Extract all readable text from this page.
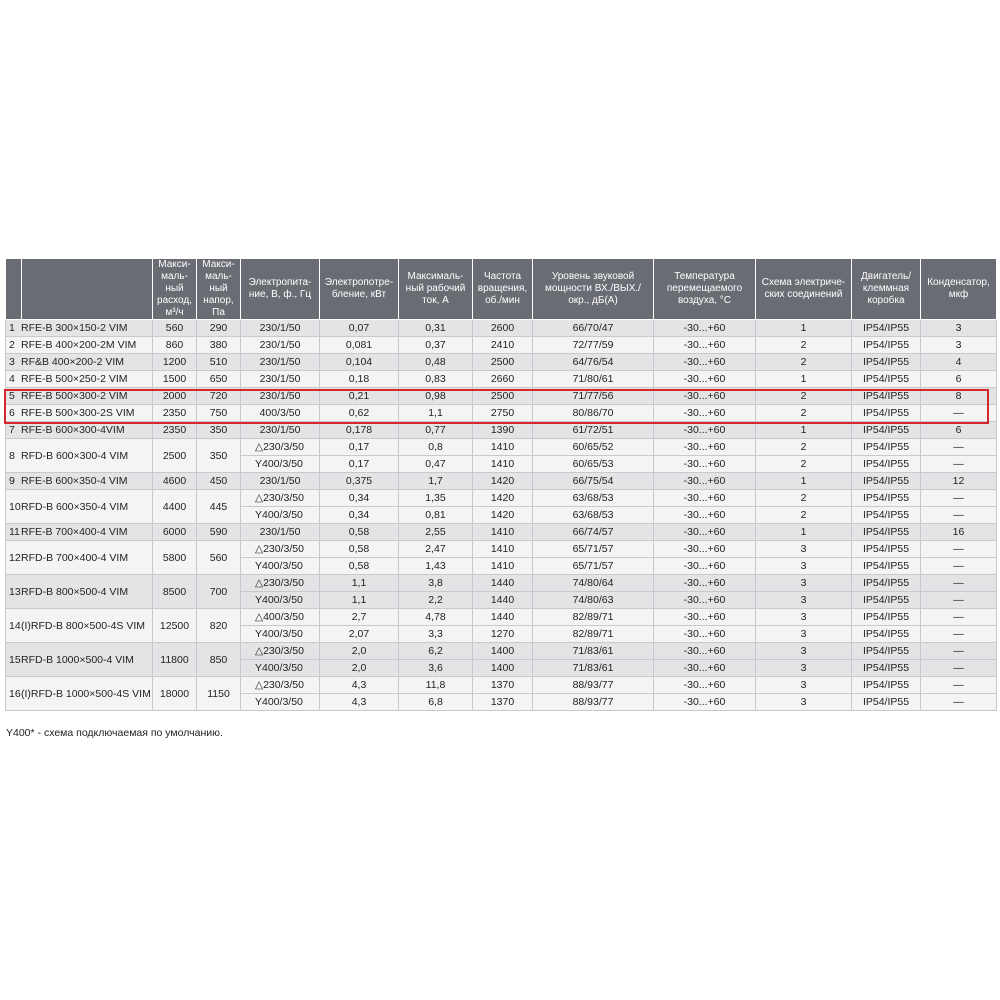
		Макси-маль-ный расход, м³/ч	Макси-маль-ный напор, Па	Электропита-ние, В, ф., Гц	Электропотре-бление, кВт	Максималь-ный рабочий ток, А	Частота вращения, об./мин	Уровень звуковой мощности ВХ./ВЫХ./ окр., дБ(А)	Температура перемещаемого воздуха, °С	Схема электриче-ских соединений	Двигатель/ клеммная коробка	Конденсатор, мкф
1 RFE-B 300×150-2 VIM		560	290	230/1/50	0,07	0,31	2600	66/70/47	-30...+60	1	IP54/IP55	3
2 RFE-B 400×200-2M VIM		860	380	230/1/50	0,081	0,37	2410	72/77/59	-30...+60	2	IP54/IP55	3
3 RF&B 400×200-2 VIM		1200	510	230/1/50	0,104	0,48	2500	64/76/54	-30...+60	2	IP54/IP55	4
4 RFE-B 500×250-2 VIM		1500	650	230/1/50	0,18	0,83	2660	71/80/61	-30...+60	1	IP54/IP55	6
5 RFE-B 500×300-2 VIM		2000	720	230/1/50	0,21	0,98	2500	71/77/56	-30...+60	2	IP54/IP55	8
6 RFE-B 500×300-2S VIM		2350	750	400/3/50	0,62	1,1	2750	80/86/70	-30...+60	2	IP54/IP55	—
7 RFE-B 600×300-4VIM		2350	350	230/1/50	0,178	0,77	1390	61/72/51	-30...+60	1	IP54/IP55	6
8 RFD-B 600×300-4 VIM		2500	350	△230/3/50	0,17	0,8	1410	60/65/52	-30...+60	2	IP54/IP55	—
				Y400/3/50	0,17	0,47	1410	60/65/53	-30...+60	2	IP54/IP55	—
9 RFE-B 600×350-4 VIM		4600	450	230/1/50	0,375	1,7	1420	66/75/54	-30...+60	1	IP54/IP55	12
10RFD-B 600×350-4 VIM		4400	445	△230/3/50	0,34	1,35	1420	63/68/53	-30...+60	2	IP54/IP55	—
				Y400/3/50	0,34	0,81	1420	63/68/53	-30...+60	2	IP54/IP55	—
11RFE-B 700×400-4 VIM		6000	590	230/1/50	0,58	2,55	1410	66/74/57	-30...+60	1	IP54/IP55	16
12RFD-B 700×400-4 VIM		5800	560	△230/3/50	0,58	2,47	1410	65/71/57	-30...+60	3	IP54/IP55	—
				Y400/3/50	0,58	1,43	1410	65/71/57	-30...+60	3	IP54/IP55	—
13RFD-B 800×500-4 VIM		8500	700	△230/3/50	1,1	3,8	1440	74/80/64	-30...+60	3	IP54/IP55	—
				Y400/3/50	1,1	2,2	1440	74/80/63	-30...+60	3	IP54/IP55	—
14(I)RFD-B 800×500-4S VIM		12500	820	△400/3/50	2,7	4,78	1440	82/89/71	-30...+60	3	IP54/IP55	—
				Y400/3/50	2,07	3,3	1270	82/89/71	-30...+60	3	IP54/IP55	—
15RFD-B 1000×500-4 VIM		11800	850	△230/3/50	2,0	6,2	1400	71/83/61	-30...+60	3	IP54/IP55	—
				Y400/3/50	2,0	3,6	1400	71/83/61	-30...+60	3	IP54/IP55	—
16(I)RFD-B 1000×500-4S VIM		18000	1150	△230/3/50	4,3	11,8	1370	88/93/77	-30...+60	3	IP54/IP55	—
				Y400/3/50	4,3	6,8	1370	88/93/77	-30...+60	3	IP54/IP55	—
Y400* - схема подключаемая по умолчанию.
